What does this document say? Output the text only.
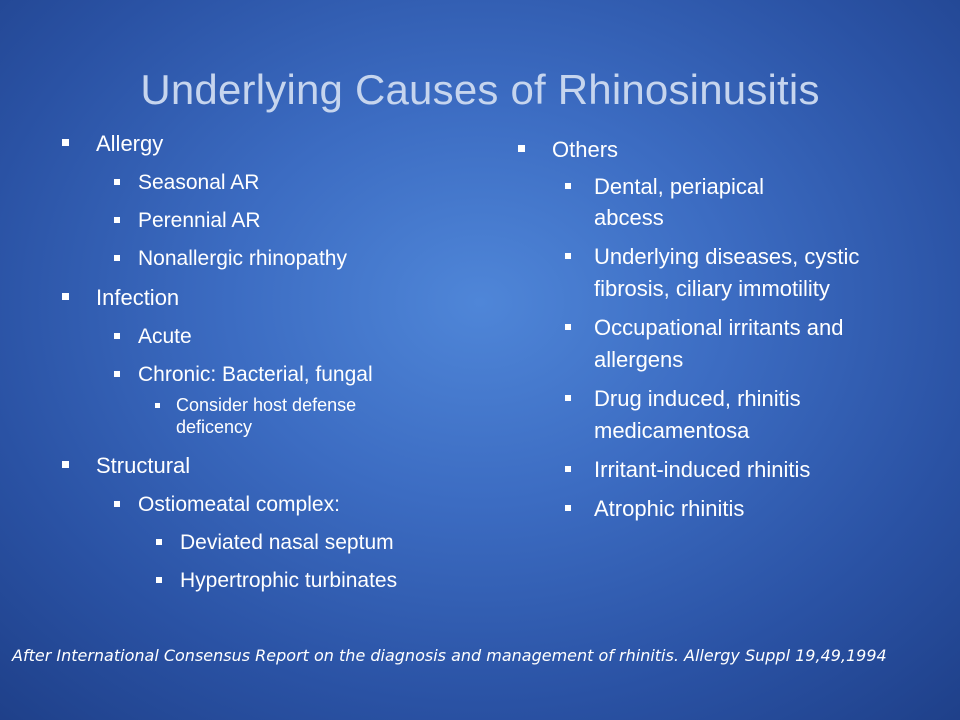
Underlying Causes of Rhinosinusitis
Allergy
Seasonal AR
Perennial AR
Nonallergic rhinopathy
Infection
Acute
Chronic: Bacterial, fungal
Consider host defense deficency
Structural
Ostiomeatal complex:
Deviated nasal septum
Hypertrophic turbinates
Others
Dental, periapical abcess
Underlying diseases, cystic fibrosis, ciliary immotility
Occupational irritants and allergens
Drug induced, rhinitis medicamentosa
Irritant-induced rhinitis
Atrophic rhinitis
After International Consensus Report on the diagnosis and management of rhinitis. Allergy Suppl 19,49,1994
